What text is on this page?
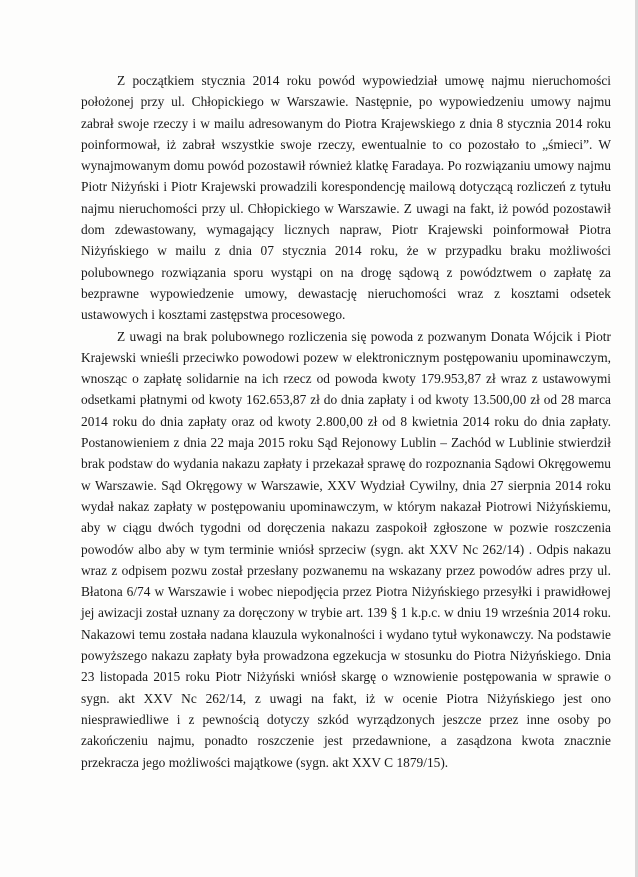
Z początkiem stycznia 2014 roku powód wypowiedział umowę najmu nieruchomości położonej przy ul. Chłopickiego w Warszawie. Następnie, po wypowiedzeniu umowy najmu zabrał swoje rzeczy i w mailu adresowanym do Piotra Krajewskiego z dnia 8 stycznia 2014 roku poinformował, iż zabrał wszystkie swoje rzeczy, ewentualnie to co pozostało to „śmieci”. W wynajmowanym domu powód pozostawił również klatkę Faradaya. Po rozwiązaniu umowy najmu Piotr Niżyński i Piotr Krajewski prowadzili korespondencję mailową dotyczącą rozliczeń z tytułu najmu nieruchomości przy ul. Chłopickiego w Warszawie. Z uwagi na fakt, iż powód pozostawił dom zdewastowany, wymagający licznych napraw, Piotr Krajewski poinformował Piotra Niżyńskiego w mailu z dnia 07 stycznia 2014 roku, że w przypadku braku możliwości polubownego rozwiązania sporu wystąpi on na drogę sądową z powództwem o zapłatę za bezprawne wypowiedzenie umowy, dewastację nieruchomości wraz z kosztami odsetek ustawowych i kosztami zastępstwa procesowego.

Z uwagi na brak polubownego rozliczenia się powoda z pozwanym Donata Wójcik i Piotr Krajewski wnieśli przeciwko powodowi pozew w elektronicznym postępowaniu upominawczym, wnosząc o zapłatę solidarnie na ich rzecz od powoda kwoty 179.953,87 zł wraz z ustawowymi odsetkami płatnymi od kwoty 162.653,87 zł do dnia zapłaty i od kwoty 13.500,00 zł od 28 marca 2014 roku do dnia zapłaty oraz od kwoty 2.800,00 zł od 8 kwietnia 2014 roku do dnia zapłaty. Postanowieniem z dnia 22 maja 2015 roku Sąd Rejonowy Lublin – Zachód w Lublinie stwierdził brak podstaw do wydania nakazu zapłaty i przekazał sprawę do rozpoznania Sądowi Okręgowemu w Warszawie. Sąd Okręgowy w Warszawie, XXV Wydział Cywilny, dnia 27 sierpnia 2014 roku wydał nakaz zapłaty w postępowaniu upominawczym, w którym nakazał Piotrowi Niżyńskiemu, aby w ciągu dwóch tygodni od doręczenia nakazu zaspokoił zgłoszone w pozwie roszczenia powodów albo aby w tym terminie wniósł sprzeciw (sygn. akt XXV Nc 262/14) . Odpis nakazu wraz z odpisem pozwu został przesłany pozwanemu na wskazany przez powodów adres przy ul. Błatona 6/74 w Warszawie i wobec niepodjęcia przez Piotra Niżyńskiego przesyłki i prawidłowej jej awizacji został uznany za doręczony w trybie art. 139 § 1 k.p.c. w dniu 19 września 2014 roku. Nakazowi temu została nadana klauzula wykonalności i wydano tytuł wykonawczy. Na podstawie powyższego nakazu zapłaty była prowadzona egzekucja w stosunku do Piotra Niżyńskiego. Dnia 23 listopada 2015 roku Piotr Niżyński wniósł skargę o wznowienie postępowania w sprawie o sygn. akt XXV Nc 262/14, z uwagi na fakt, iż w ocenie Piotra Niżyńskiego jest ono niesprawiedliwe i z pewnością dotyczy szkód wyrządzonych jeszcze przez inne osoby po zakończeniu najmu, ponadto roszczenie jest przedawnione, a zasądzona kwota znacznie przekracza jego możliwości majątkowe (sygn. akt XXV C 1879/15).
